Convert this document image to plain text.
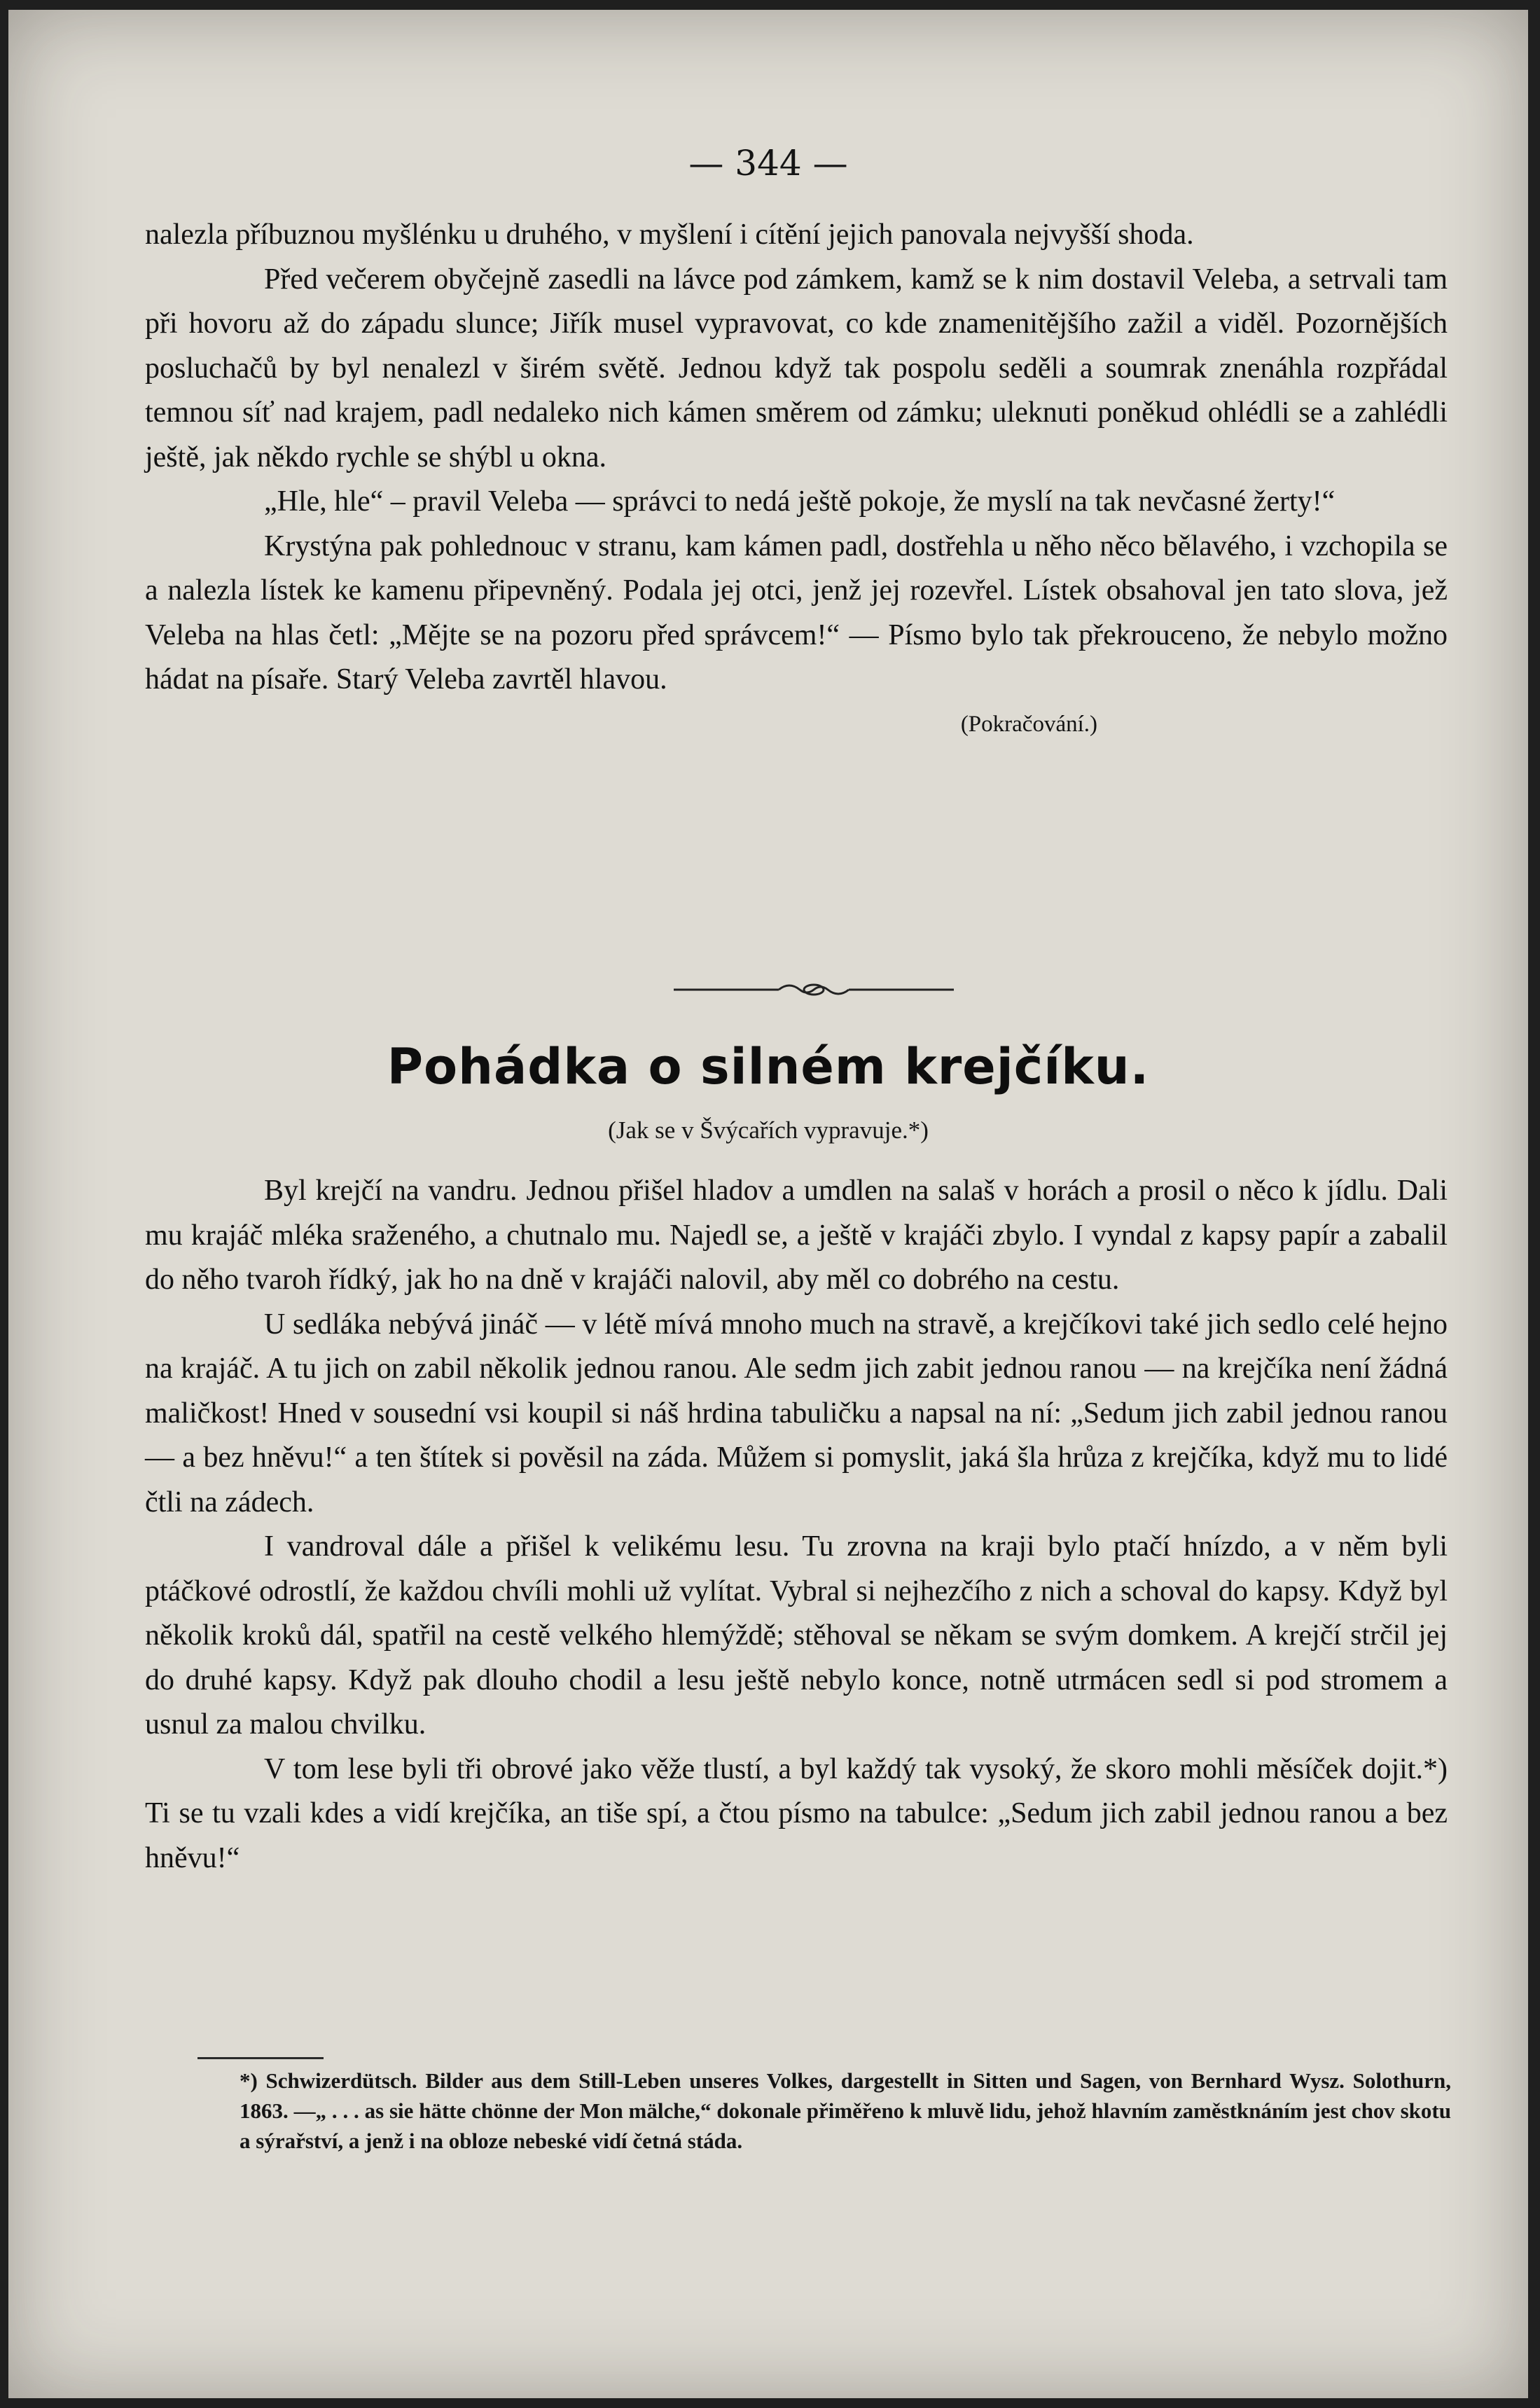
— 344 —

nalezla příbuznou myšlénku u druhého, v myšlení i cítění jejich panovala nejvyšší shoda.

Před večerem obyčejně zasedli na lávce pod zámkem, kamž se k nim dostavil Veleba, a setrvali tam při hovoru až do západu slunce; Jiřík musel vypravovat, co kde znamenitějšího zažil a viděl. Pozornějších posluchačů by byl nenalezl v širém světě. Jednou když tak pospolu seděli a soumrak znenáhla rozpřádal temnou síť nad krajem, padl nedaleko nich kámen směrem od zámku; uleknuti poněkud ohlédli se a zahlédli ještě, jak někdo rychle se shýbl u okna.

„Hle, hle“ – pravil Veleba — správci to nedá ještě pokoje, že myslí na tak nevčasné žerty!“

Krystýna pak pohlednouc v stranu, kam kámen padl, dostřehla u něho něco bělavého, i vzchopila se a nalezla lístek ke kamenu připevněný. Podala jej otci, jenž jej rozevřel. Lístek obsahoval jen tato slova, jež Veleba na hlas četl: „Mějte se na pozoru před správcem!“ — Písmo bylo tak překrouceno, že nebylo možno hádat na písaře. Starý Veleba zavrtěl hlavou.

(Pokračování.)

Pohádka o silném krejčíku.
(Jak se v Švýcařích vypravuje.*)

Byl krejčí na vandru. Jednou přišel hladov a umdlen na salaš v horách a prosil o něco k jídlu. Dali mu krajáč mléka sraženého, a chutnalo mu. Najedl se, a ještě v krajáči zbylo. I vyndal z kapsy papír a zabalil do něho tvaroh řídký, jak ho na dně v krajáči nalovil, aby měl co dobrého na cestu.

U sedláka nebývá jináč — v létě mívá mnoho much na stravě, a krejčíkovi také jich sedlo celé hejno na krajáč. A tu jich on zabil několik jednou ranou. Ale sedm jich zabit jednou ranou — na krejčíka není žádná maličkost! Hned v sousední vsi koupil si náš hrdina tabuličku a napsal na ní: „Sedum jich zabil jednou ranou — a bez hněvu!“ a ten štítek si pověsil na záda. Můžem si pomyslit, jaká šla hrůza z krejčíka, když mu to lidé čtli na zádech.

I vandroval dále a přišel k velikému lesu. Tu zrovna na kraji bylo ptačí hnízdo, a v něm byli ptáčkové odrostlí, že každou chvíli mohli už vylítat. Vybral si nejhezčího z nich a schoval do kapsy. Když byl několik kroků dál, spatřil na cestě velkého hlemýždě; stěhoval se někam se svým domkem. A krejčí strčil jej do druhé kapsy. Když pak dlouho chodil a lesu ještě nebylo konce, notně utrmácen sedl si pod stromem a usnul za malou chvilku.

V tom lese byli tři obrové jako věže tlustí, a byl každý tak vysoký, že skoro mohli měsíček dojit.*) Ti se tu vzali kdes a vidí krejčíka, an tiše spí, a čtou písmo na tabulce: „Sedum jich zabil jednou ranou a bez hněvu!“

*) Schwizerdütsch. Bilder aus dem Still-Leben unseres Volkes, dargestellt in Sitten und Sagen, von Bernhard Wysz. Solothurn, 1863. —„ . . . as sie hätte chönne der Mon mälche,“ dokonale přiměřeno k mluvě lidu, jehož hlavním zaměstknáním jest chov skotu a sýrařství, a jenž i na obloze nebeské vidí četná stáda.
